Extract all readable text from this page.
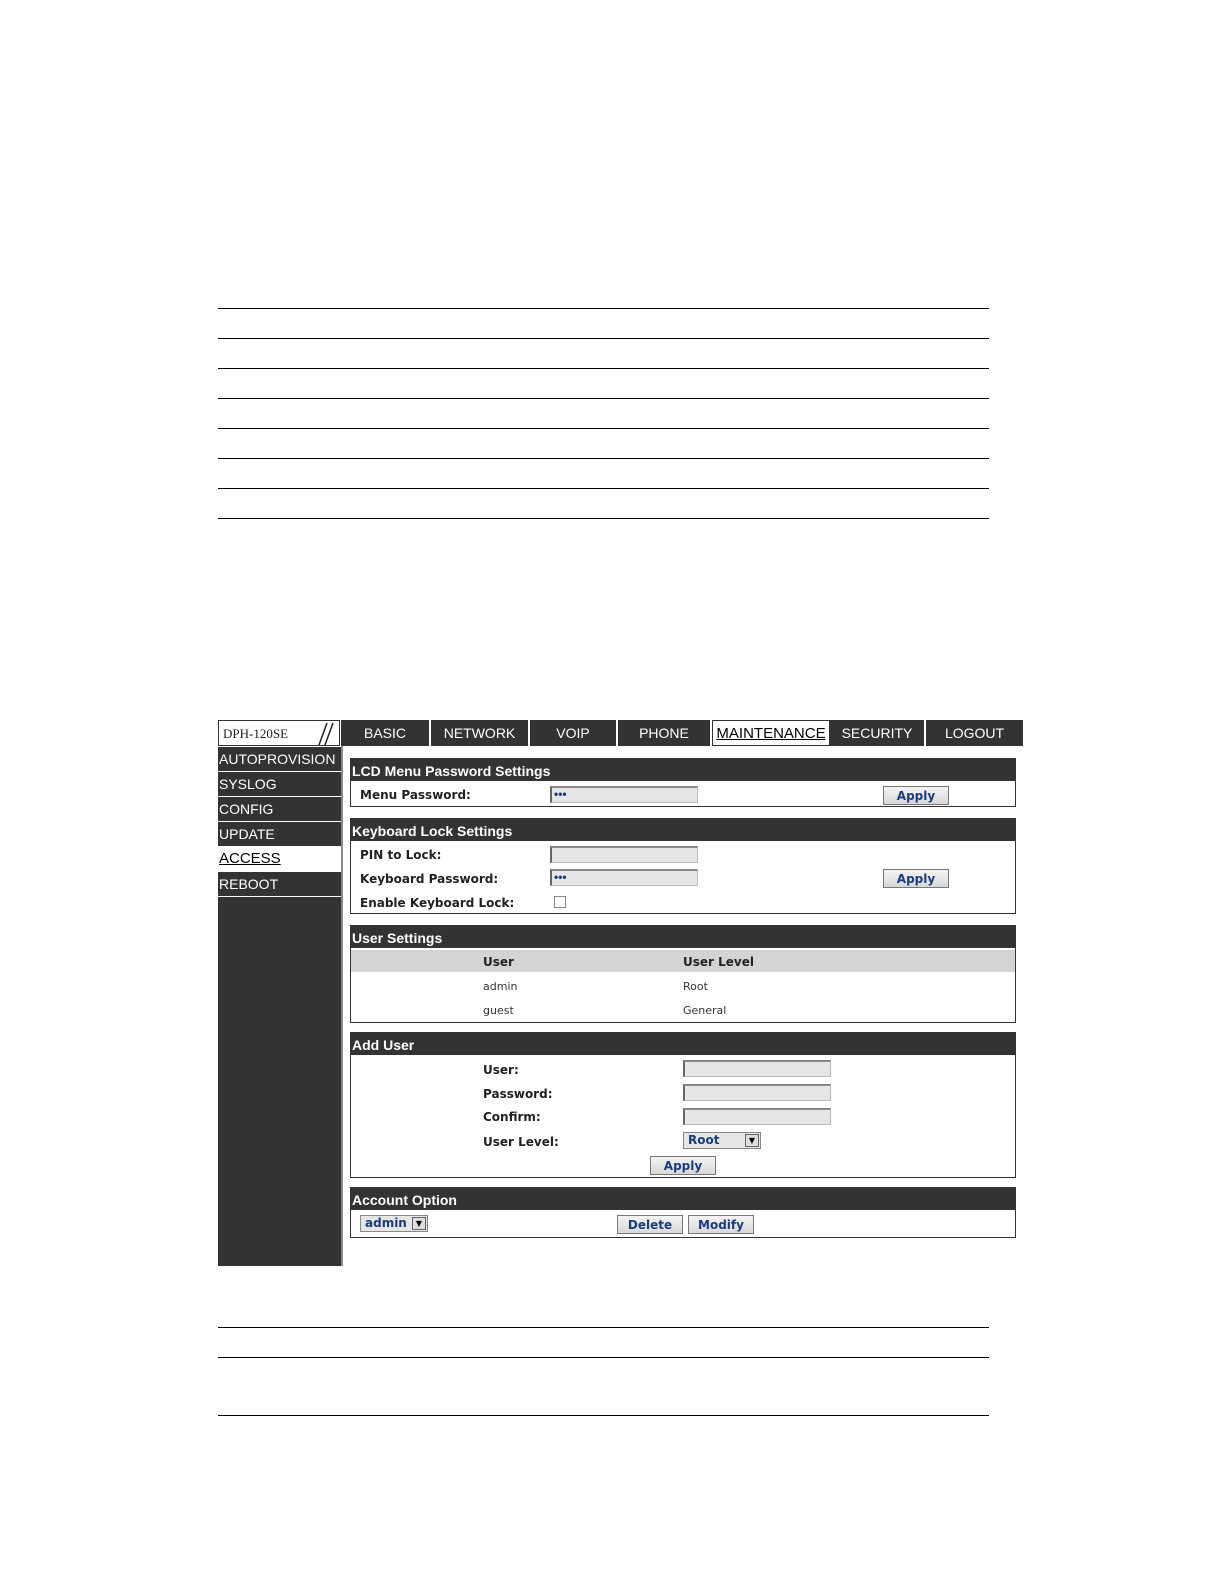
DPH-120SE	BASIC	NETWORK	VOIP	PHONE	MAINTENANCE	SECURITY	LOGOUT
AUTOPROVISION
SYSLOG
CONFIG
UPDATE
ACCESS
REBOOT
LCD Menu Password Settings
Menu Password:	•••	Apply
Keyboard Lock Settings
PIN to Lock:
Keyboard Password:	•••	Apply
Enable Keyboard Lock:
User Settings
User	User Level
admin	Root
guest	General
Add User
User:
Password:
Confirm:
User Level:	Root	▼
Apply
Account Option
admin	▼	Delete	Modify
